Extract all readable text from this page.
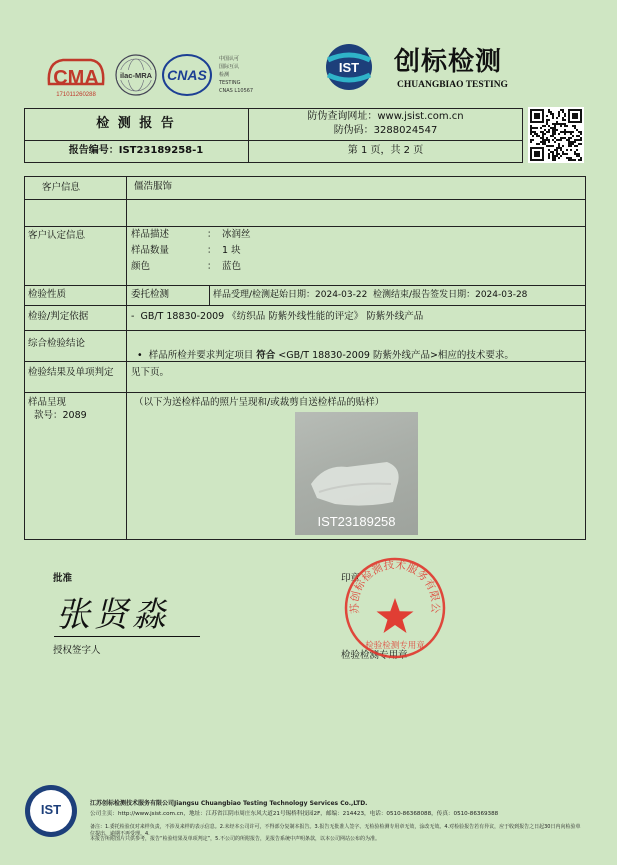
CMA
171011260288
ilac-MRA CNAS
中国认可
国际互认
检测
TESTING
CNAS L10567
IST 创标检测
CHUANGBIAO TESTING
检 测 报 告	防伪查询网址：www.jsist.com.cn
防伪码：3288024547
报告编号：IST23189258-1	第 1 页，共 2 页
客户信息	僵浩服饰
客户认定信息	样品描述	： 冰润丝
样品数量	： 1 块
颜色	： 蓝色
检验性质	委托检测	样品受理/检测起始日期：2024-03-22  检测结束/报告签发日期：2024-03-28
检验/判定依据	-  GB/T 18830-2009 《纺织品 防紫外线性能的评定》 防紫外线产品
综合检验结论

•  样品所检并要求判定项目 符合 <GB/T 18830-2009 防紫外线产品>相应的技术要求。

检验结果及单项判定 见下页。
样品呈现
款号：2089
（以下为送检样品的照片呈现和/或裁剪自送检样品的贴样）
IST23189258
批准
张贤淼
授权签字人
印章
检验检测专用章
苏创标检测技术服务有限公
检验检测专用章
IST	江苏创标检测技术服务有限公司Jiangsu Chuangbiao Testing Technology Services Co.,LTD.
公司主页：http://www.jsist.com.cn，地址：江苏省江阴市周庄东风大道21号锡桥科技园2F，邮编：214423，电话：0510-86368088，传真：0510-86369388
备注：1.委托检验仅对来样负责，不涉及来样的表示信息。2.未经本公司许可，不得部分复制本报告。3.报告无批准人签字、无检验检测专用章无效，涂改无效。4.对检验报告若有异议，应于收到报告之日起30日内向检验单位提出，逾期不再受理。4.
本报告所附图片只供参考，报告“检验结果及单项判定”，5.不公司的所附报告，见报告系统中声明条款，以本公司网站公布的为准。
